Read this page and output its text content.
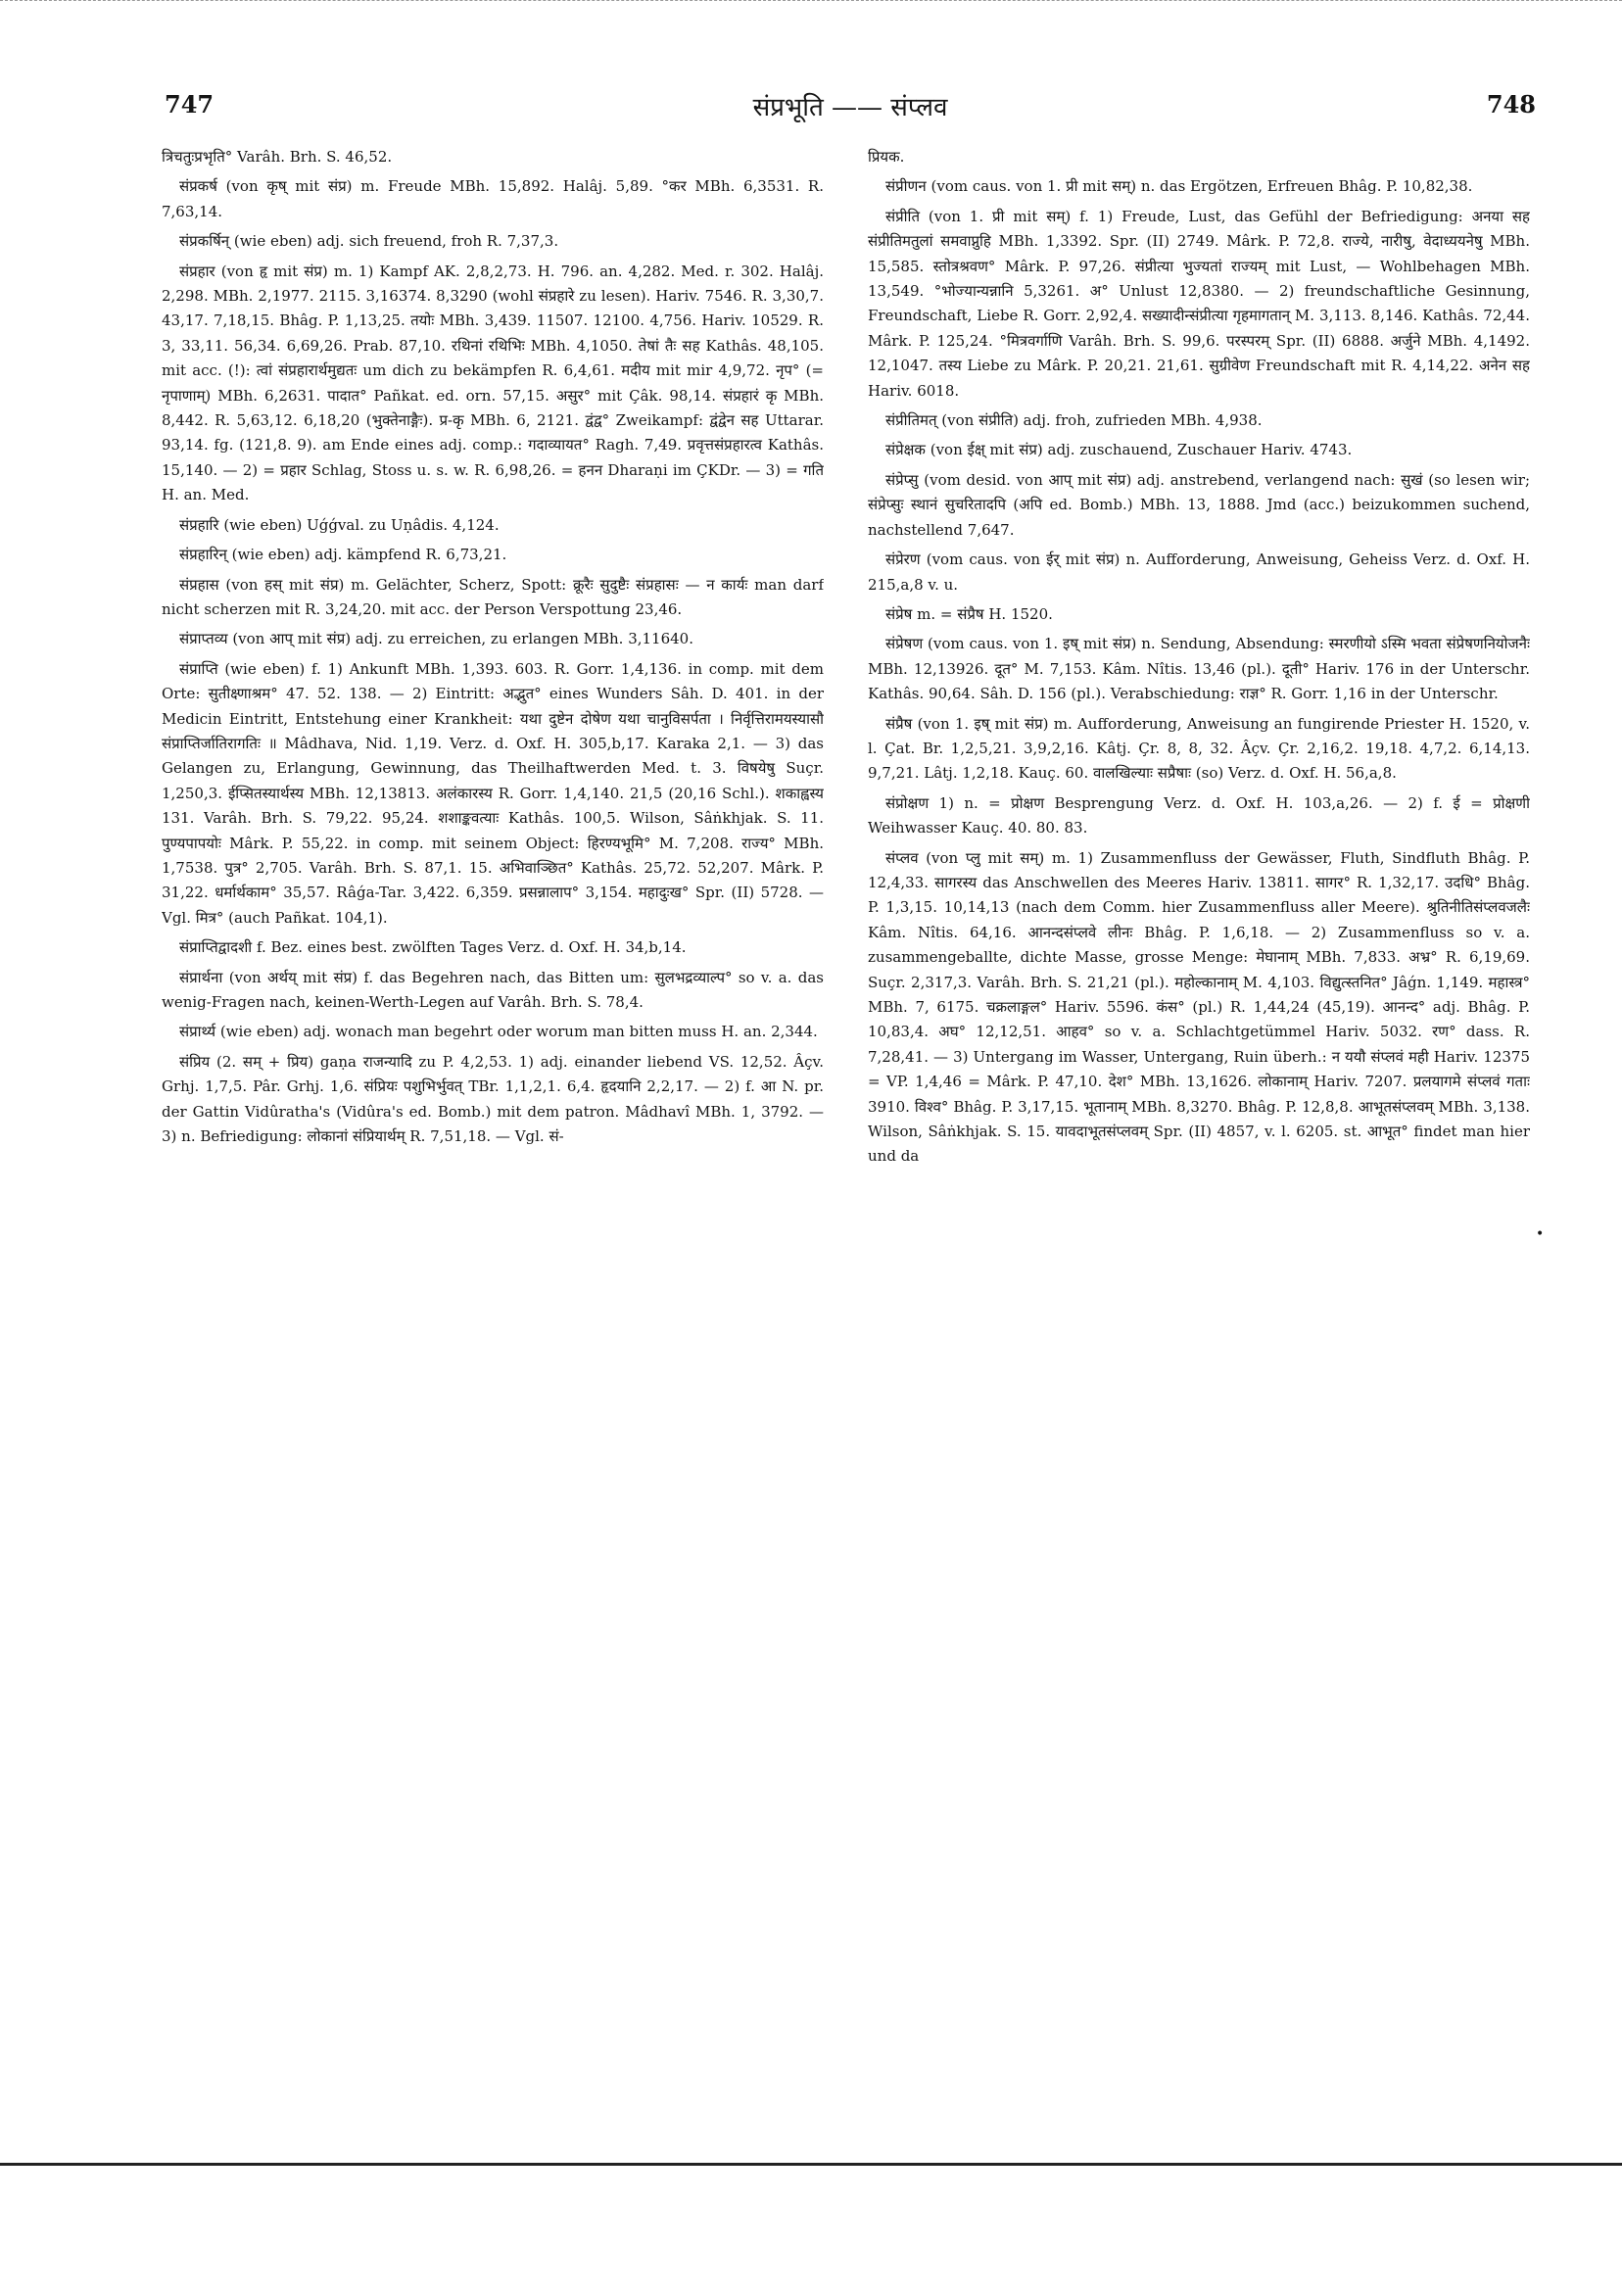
747	संप्रभूति —— संप्लव	748

त्रिचतुःप्रभृति° Varâh. Brh. S. 46,52.

संप्रकर्ष (von कृष् mit संप्र) m. Freude MBh. 15,892. Halâj. 5,89. °कर MBh. 6,3531. R. 7,63,14.

संप्रकर्षिन् (wie eben) adj. sich freuend, froh R. 7,37,3.

संप्रहार (von हृ mit संप्र) m. 1) Kampf AK. 2,8,2,73. H. 796. an. 4,282. Med. r. 302. Halâj. 2,298. MBh. 2,1977. 2115. 3,16374. 8,3290 (wohl संप्रहारे zu lesen). Hariv. 7546. R. 3,30,7. 43,17. 7,18,15. Bhâg. P. 1,13,25. तयोः MBh. 3,439. 11507. 12100. 4,756. Hariv. 10529. R. 3, 33,11. 56,34. 6,69,26. Prab. 87,10. रथिनां रथिभिः MBh. 4,1050. तेषां तैः सह Kathâs. 48,105. mit acc. (!): त्वां संप्रहारार्थमुद्यतः um dich zu bekämpfen R. 6,4,61. मदीय mit mir 4,9,72. नृप° (= नृपाणाम्) MBh. 6,2631. पादात° Pañkat. ed. orn. 57,15. असुर° mit Çâk. 98,14. संप्रहारं कृ MBh. 8,442. R. 5,63,12. 6,18,20 (भुक्तेनाङ्गैः). प्र-कृ MBh. 6, 2121. द्वंद्व° Zweikampf: द्वंद्वेन सह Uttarar. 93,14. fg. (121,8. 9). am Ende eines adj. comp.: गदाव्यायत° Ragh. 7,49. प्रवृत्तसंप्रहारत्व Kathâs. 15,140. — 2) = प्रहार Schlag, Stoss u. s. w. R. 6,98,26. = हनन Dharaṇi im ÇKDr. — 3) = गति H. an. Med.

संप्रहारि (wie eben) Uǵǵval. zu Uṇâdis. 4,124.

संप्रहारिन् (wie eben) adj. kämpfend R. 6,73,21.

संप्रहास (von हस् mit संप्र) m. Gelächter, Scherz, Spott: क्रूरैः सुदुष्टैः संप्रहासः — न कार्यः man darf nicht scherzen mit R. 3,24,20. mit acc. der Person Verspottung 23,46.

संप्राप्तव्य (von आप् mit संप्र) adj. zu erreichen, zu erlangen MBh. 3,11640.

संप्राप्ति (wie eben) f. 1) Ankunft MBh. 1,393. 603. R. Gorr. 1,4,136. in comp. mit dem Orte: सुतीक्ष्णाश्रम° 47. 52. 138. — 2) Eintritt: अद्भुत° eines Wunders Sâh. D. 401. in der Medicin Eintritt, Entstehung einer Krankheit: यथा दुष्टेन दोषेण यथा चानुविसर्पता । निर्वृत्तिरामयस्यासौ संप्राप्तिर्जातिरागतिः ॥ Mâdhava, Nid. 1,19. Verz. d. Oxf. H. 305,b,17. Karaka 2,1. — 3) das Gelangen zu, Erlangung, Gewinnung, das Theilhaftwerden Med. t. 3. विषयेषु Suçr. 1,250,3. ईप्सितस्यार्थस्य MBh. 12,13813. अलंकारस्य R. Gorr. 1,4,140. 21,5 (20,16 Schl.). शकाह्वस्य 131. Varâh. Brh. S. 79,22. 95,24. शशाङ्कवत्याः Kathâs. 100,5. Wilson, Sâṅkhjak. S. 11. पुण्यपापयोः Mârk. P. 55,22. in comp. mit seinem Object: हिरण्यभूमि° M. 7,208. राज्य° MBh. 1,7538. पुत्र° 2,705. Varâh. Brh. S. 87,1. 15. अभिवाञ्छित° Kathâs. 25,72. 52,207. Mârk. P. 31,22. धर्मार्थकाम° 35,57. Râǵa-Tar. 3,422. 6,359. प्रसन्नालाप° 3,154. महादुःख° Spr. (II) 5728. — Vgl. मित्र° (auch Pañkat. 104,1).

संप्राप्तिद्वादशी f. Bez. eines best. zwölften Tages Verz. d. Oxf. H. 34,b,14.

संप्रार्थना (von अर्थय् mit संप्र) f. das Begehren nach, das Bitten um: सुलभद्रव्याल्प° so v. a. das wenig-Fragen nach, keinen-Werth-Legen auf Varâh. Brh. S. 78,4.

संप्रार्थ्य (wie eben) adj. wonach man begehrt oder worum man bitten muss H. an. 2,344.

संप्रिय (2. सम् + प्रिय) gaṇa राजन्यादि zu P. 4,2,53. 1) adj. einander liebend VS. 12,52. Âçv. Grhj. 1,7,5. Pâr. Grhj. 1,6. संप्रियः पशुभिर्भुवत् TBr. 1,1,2,1. 6,4. हृदयानि 2,2,17. — 2) f. आ N. pr. der Gattin Vidûratha's (Vidûra's ed. Bomb.) mit dem patron. Mâdhavî MBh. 1, 3792. — 3) n. Befriedigung: लोकानां संप्रियार्थम् R. 7,51,18. — Vgl. सं-

प्रियक.

संप्रीणन (vom caus. von 1. प्री mit सम्) n. das Ergötzen, Erfreuen Bhâg. P. 10,82,38.

संप्रीति (von 1. प्री mit सम्) f. 1) Freude, Lust, das Gefühl der Befriedigung: अनया सह संप्रीतिमतुलां समवाप्नुहि MBh. 1,3392. Spr. (II) 2749. Mârk. P. 72,8. राज्ये, नारीषु, वेदाध्ययनेषु MBh. 15,585. स्तोत्रश्रवण° Mârk. P. 97,26. संप्रीत्या भुज्यतां राज्यम् mit Lust, — Wohlbehagen MBh. 13,549. °भोज्यान्यन्नानि 5,3261. अ° Unlust 12,8380. — 2) freundschaftliche Gesinnung, Freundschaft, Liebe R. Gorr. 2,92,4. सख्यादीन्संप्रीत्या गृहमागतान् M. 3,113. 8,146. Kathâs. 72,44. Mârk. P. 125,24. °मित्रवर्गाणि Varâh. Brh. S. 99,6. परस्परम् Spr. (II) 6888. अर्जुने MBh. 4,1492. 12,1047. तस्य Liebe zu Mârk. P. 20,21. 21,61. सुग्रीवेण Freundschaft mit R. 4,14,22. अनेन सह Hariv. 6018.

संप्रीतिमत् (von संप्रीति) adj. froh, zufrieden MBh. 4,938.

संप्रेक्षक (von ईक्ष् mit संप्र) adj. zuschauend, Zuschauer Hariv. 4743.

संप्रेप्सु (vom desid. von आप् mit संप्र) adj. anstrebend, verlangend nach: सुखं (so lesen wir; संप्रेप्सुः स्थानं सुचरितादपि (अपि ed. Bomb.) MBh. 13, 1888. Jmd (acc.) beizukommen suchend, nachstellend 7,647.

संप्रेरण (vom caus. von ईर् mit संप्र) n. Aufforderung, Anweisung, Geheiss Verz. d. Oxf. H. 215,a,8 v. u.

संप्रेष m. = संप्रैष H. 1520.

संप्रेषण (vom caus. von 1. इष् mit संप्र) n. Sendung, Absendung: स्मरणीयो ऽस्मि भवता संप्रेषणनियोजनैः MBh. 12,13926. दूत° M. 7,153. Kâm. Nîtis. 13,46 (pl.). दूती° Hariv. 176 in der Unterschr. Kathâs. 90,64. Sâh. D. 156 (pl.). Verabschiedung: राज्ञ° R. Gorr. 1,16 in der Unterschr.

संप्रैष (von 1. इष् mit संप्र) m. Aufforderung, Anweisung an fungirende Priester H. 1520, v. l. Çat. Br. 1,2,5,21. 3,9,2,16. Kâtj. Çr. 8, 8, 32. Âçv. Çr. 2,16,2. 19,18. 4,7,2. 6,14,13. 9,7,21. Lâtj. 1,2,18. Kauç. 60. वालखिल्याः सप्रैषाः (so) Verz. d. Oxf. H. 56,a,8.

संप्रोक्षण 1) n. = प्रोक्षण Besprengung Verz. d. Oxf. H. 103,a,26. — 2) f. ई = प्रोक्षणी Weihwasser Kauç. 40. 80. 83.

संप्लव (von प्लु mit सम्) m. 1) Zusammenfluss der Gewässer, Fluth, Sindfluth Bhâg. P. 12,4,33. सागरस्य das Anschwellen des Meeres Hariv. 13811. सागर° R. 1,32,17. उदधि° Bhâg. P. 1,3,15. 10,14,13 (nach dem Comm. hier Zusammenfluss aller Meere). श्रुतिनीतिसंप्लवजलैः Kâm. Nîtis. 64,16. आनन्दसंप्लवे लीनः Bhâg. P. 1,6,18. — 2) Zusammenfluss so v. a. zusammengeballte, dichte Masse, grosse Menge: मेघानाम् MBh. 7,833. अभ्र° R. 6,19,69. Suçr. 2,317,3. Varâh. Brh. S. 21,21 (pl.). महोल्कानाम् M. 4,103. विद्युत्स्तनित° Jâǵn. 1,149. महास्त्र° MBh. 7, 6175. चक्रलाङ्गल° Hariv. 5596. कंस° (pl.) R. 1,44,24 (45,19). आनन्द° adj. Bhâg. P. 10,83,4. अघ° 12,12,51. आहव° so v. a. Schlachtgetümmel Hariv. 5032. रण° dass. R. 7,28,41. — 3) Untergang im Wasser, Untergang, Ruin überh.: न ययौ संप्लवं मही Hariv. 12375 = VP. 1,4,46 = Mârk. P. 47,10. देश° MBh. 13,1626. लोकानाम् Hariv. 7207. प्रलयागमे संप्लवं गताः 3910. विश्व° Bhâg. P. 3,17,15. भूतानाम् MBh. 8,3270. Bhâg. P. 12,8,8. आभूतसंप्लवम् MBh. 3,138. Wilson, Sâṅkhjak. S. 15. यावदाभूतसंप्लवम् Spr. (II) 4857, v. l. 6205. st. आभूत° findet man hier und da

•
